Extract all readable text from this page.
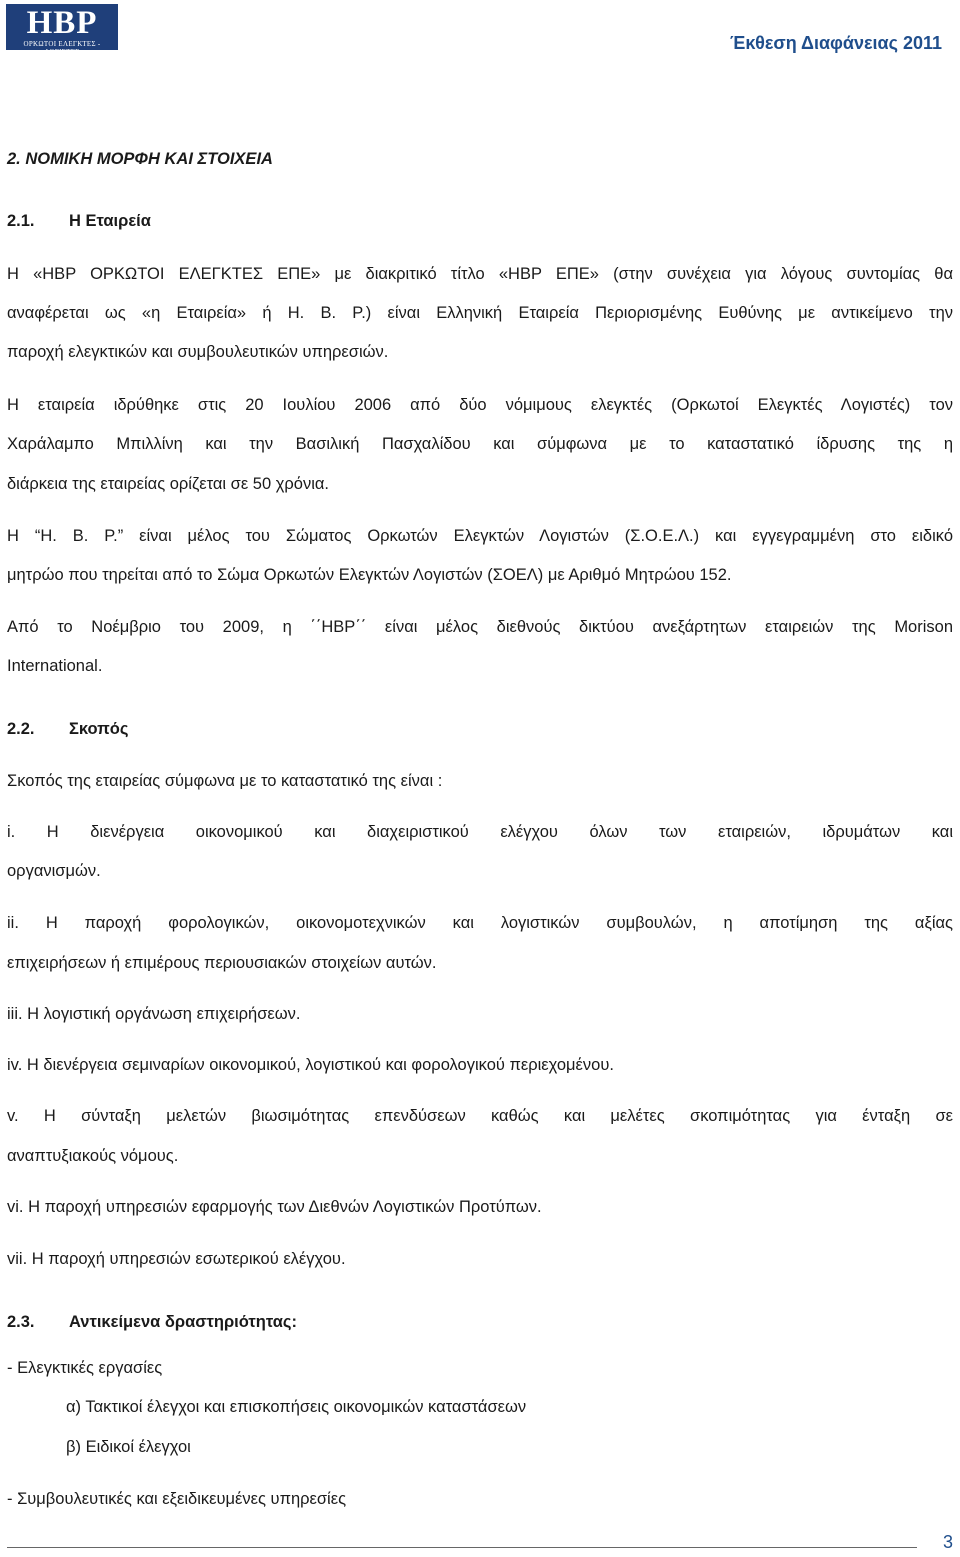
HBP
ΟΡΚΩΤΟΙ ΕΛΕΓΚΤΕΣ - ΛΟΓΙΣΤΕΣ	Έκθεση Διαφάνειας 2011
2. ΝΟΜΙΚΗ ΜΟΡΦΗ ΚΑΙ ΣΤΟΙΧΕΙΑ
2.1. Η Εταιρεία
Η «HBP ΟΡΚΩΤΟΙ ΕΛΕΓΚΤΕΣ ΕΠΕ» με διακριτικό τίτλο «HBP ΕΠΕ» (στην συνέχεια για λόγους συντομίας θα
αναφέρεται ως «η Εταιρεία» ή Η. Β. Ρ.) είναι Ελληνική Εταιρεία Περιορισμένης Ευθύνης με αντικείμενο την
παροχή ελεγκτικών και συμβουλευτικών υπηρεσιών.
Η εταιρεία ιδρύθηκε στις 20 Ιουλίου 2006 από δύο νόμιμους ελεγκτές (Ορκωτοί Ελεγκτές Λογιστές) τον
Χαράλαμπο Μπιλλίνη και την Βασιλική Πασχαλίδου και σύμφωνα με το καταστατικό ίδρυσης της η
διάρκεια της εταιρείας ορίζεται σε 50 χρόνια.
Η “Η. Β. Ρ.” είναι μέλος του Σώματος Ορκωτών Ελεγκτών Λογιστών (Σ.Ο.Ε.Λ.) και εγγεγραμμένη στο ειδικό
μητρώο που τηρείται από το Σώμα Ορκωτών Ελεγκτών Λογιστών (ΣΟΕΛ) με Αριθμό Μητρώου 152.
Από το Νοέμβριο του 2009, η ΄΄HBP΄΄ είναι μέλος διεθνούς δικτύου ανεξάρτητων εταιρειών της Morison
International.
2.2. Σκοπός
Σκοπός της εταιρείας σύμφωνα με το καταστατικό της είναι :
i. Η διενέργεια οικονομικού και διαχειριστικού ελέγχου όλων των εταιρειών, ιδρυμάτων και
οργανισμών.
ii. Η παροχή φορολογικών, οικονομοτεχνικών και λογιστικών συμβουλών, η αποτίμηση της αξίας
επιχειρήσεων ή επιμέρους περιουσιακών στοιχείων αυτών.
iii. Η λογιστική οργάνωση επιχειρήσεων.
iv. Η διενέργεια σεμιναρίων οικονομικού, λογιστικού και φορολογικού περιεχομένου.
v. Η σύνταξη μελετών βιωσιμότητας επενδύσεων καθώς και μελέτες σκοπιμότητας για ένταξη σε
αναπτυξιακούς νόμους.
vi. Η παροχή υπηρεσιών εφαρμογής των Διεθνών Λογιστικών Προτύπων.
vii. Η παροχή υπηρεσιών εσωτερικού ελέγχου.
2.3. Αντικείμενα δραστηριότητας:
- Ελεγκτικές εργασίες
α) Τακτικοί έλεγχοι και επισκοπήσεις οικονομικών καταστάσεων
β) Ειδικοί έλεγχοι
- Συμβουλευτικές και εξειδικευμένες υπηρεσίες
3
